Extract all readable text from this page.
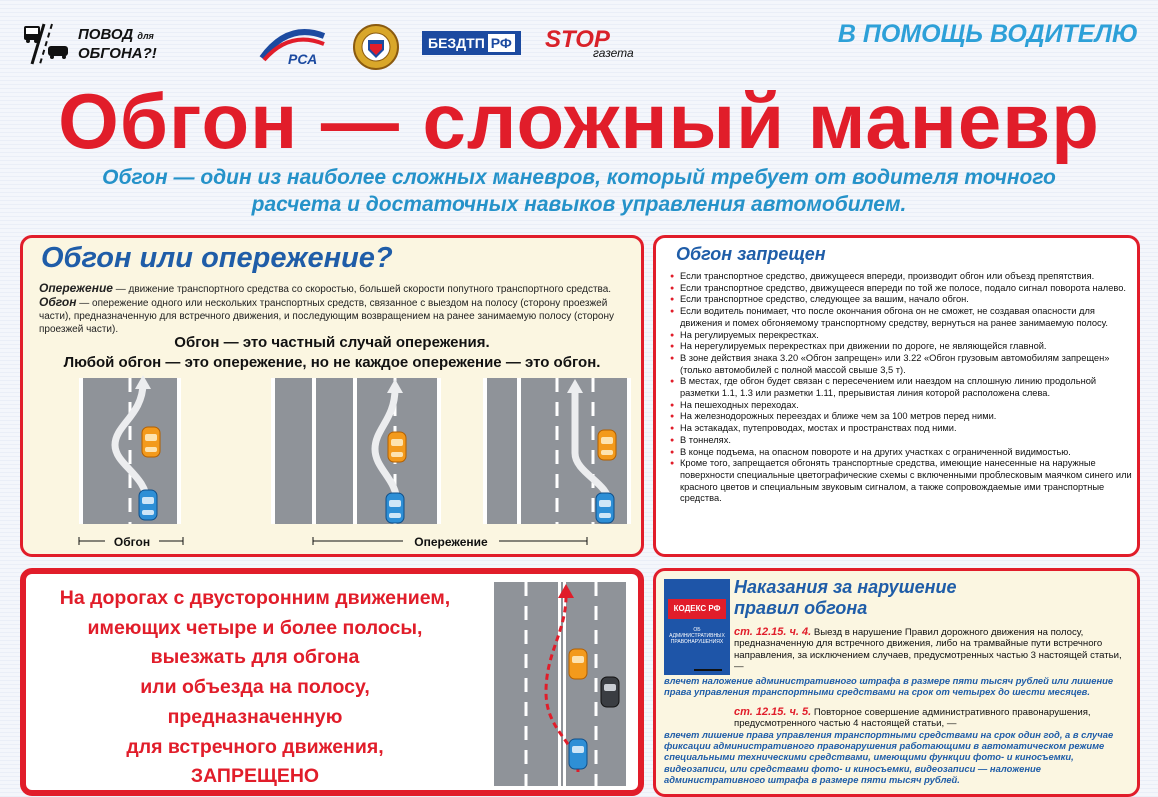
ПОВОД для
ОБГОНА?!	РСА
БЕЗДТП РФ	STOP
газета
В ПОМОЩЬ ВОДИТЕЛЮ
Обгон — сложный маневр
Обгон — один из наиболее сложных маневров, который требует от водителя точного расчета и достаточных навыков управления автомобилем.
Обгон или опережение?
Опережение — движение транспортного средства со скоростью, большей скорости попутного транспортного средства.
Обгон — опережение одного или нескольких транспортных средств, связанное с выездом на полосу (сторону проезжей части), предназначенную для встречного движения, и последующим возвращением на ранее занимаемую полосу (сторону проезжей части).
Обгон — это частный случай опережения.
Любой обгон — это опережение, но не каждое опережение — это обгон.
Обгон	Опережение
Обгон запрещен
● Если транспортное средство, движущееся впереди, производит обгон или объезд препятствия.
● Если транспортное средство, движущееся впереди по той же полосе, подало сигнал поворота налево.
● Если транспортное средство, следующее за вашим, начало обгон.
● Если водитель понимает, что после окончания обгона он не сможет, не создавая опасности для движения и помех обгоняемому транспортному средству, вернуться на ранее занимаемую полосу.
● На регулируемых перекрестках.
● На нерегулируемых перекрестках при движении по дороге, не являющейся главной.
● В зоне действия знака 3.20 «Обгон запрещен» или 3.22 «Обгон грузовым автомобилям запрещен» (только автомобилей с полной массой свыше 3,5 т).
● В местах, где обгон будет связан с пересечением или наездом на сплошную линию продольной разметки 1.1, 1.3 или разметки 1.11, прерывистая линия которой расположена слева.
● На пешеходных переходах.
● На железнодорожных переездах и ближе чем за 100 метров перед ними.
● На эстакадах, путепроводах, мостах и пространствах под ними.
● В тоннелях.
● В конце подъема, на опасном повороте и на других участках с ограниченной видимостью.
● Кроме того, запрещается обгонять транспортные средства, имеющие нанесенные на наружные поверхности специальные цветографические схемы с включенными проблесковым маячком синего или красного цветов и специальным звуковым сигналом, а также сопровождаемые ими транспортные средства.
На дорогах с двусторонним движением,
имеющих четыре и более полосы,
выезжать для обгона
или объезда на полосу,
предназначенную
для встречного движения,
ЗАПРЕЩЕНО
КОДЕКС РФ
ОБ АДМИНИСТРАТИВНЫХ ПРАВОНАРУШЕНИЯХ
Наказания за нарушение
правил обгона
ст. 12.15. ч. 4. Выезд в нарушение Правил дорожного движения на полосу, предназначенную для встречного движения, либо на трамвайные пути встречного направления, за исключением случаев, предусмотренных частью 3 настоящей статьи, —
влечет наложение административного штрафа в размере пяти тысяч рублей или лишение права управления транспортными средствами на срок от четырех до шести месяцев.
ст. 12.15. ч. 5. Повторное совершение административного правонарушения, предусмотренного частью 4 настоящей статьи, —
влечет лишение права управления транспортными средствами на срок один год, а в случае фиксации административного правонарушения работающими в автоматическом режиме специальными техническими средствами, имеющими функции фото- и киносъемки, видеозаписи, или средствами фото- и киносъемки, видеозаписи — наложение административного штрафа в размере пяти тысяч рублей.
